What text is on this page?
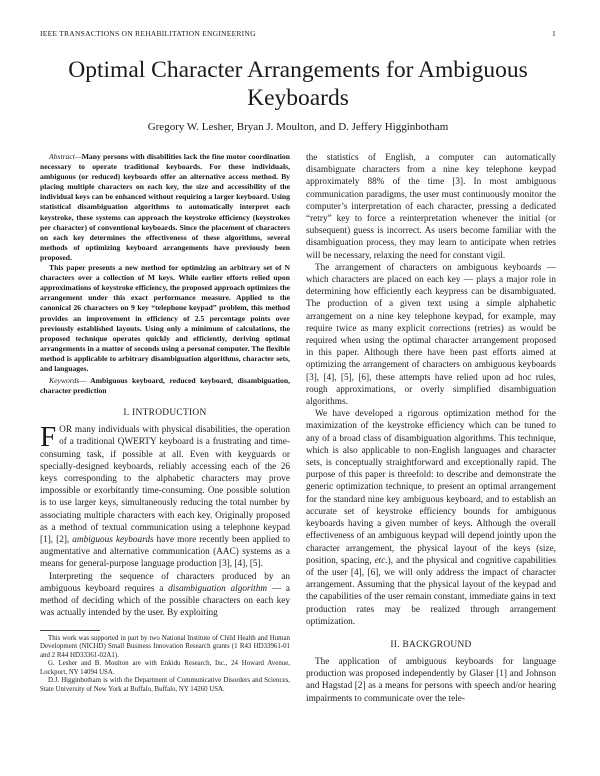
IEEE TRANSACTIONS ON REHABILITATION ENGINEERING	1
Optimal Character Arrangements for Ambiguous Keyboards
Gregory W. Lesher, Bryan J. Moulton, and D. Jeffery Higginbotham

Abstract—Many persons with disabilities lack the fine motor coordination necessary to operate traditional keyboards. For these individuals, ambiguous (or reduced) keyboards offer an alternative access method. By placing multiple characters on each key, the size and accessibility of the individual keys can be enhanced without requiring a larger keyboard. Using statistical disambiguation algorithms to automatically interpret each keystroke, these systems can approach the keystroke efficiency (keystrokes per character) of conventional keyboards. Since the placement of characters on each key determines the effectiveness of these algorithms, several methods of optimizing keyboard arrangements have previously been proposed.

This paper presents a new method for optimizing an arbitrary set of N characters over a collection of M keys. While earlier efforts relied upon approximations of keystroke efficiency, the proposed approach optimizes the arrangement under this exact performance measure. Applied to the canonical 26 characters on 9 key “telephone keypad” problem, this method provides an improvement in efficiency of 2.5 percentage points over previously established layouts. Using only a minimum of calculations, the proposed technique operates quickly and efficiently, deriving optimal arrangements in a matter of seconds using a personal computer. The flexible method is applicable to arbitrary disambiguation algorithms, character sets, and languages.

Keywords— Ambiguous keyboard, reduced keyboard, disambiguation, character prediction

I. INTRODUCTION

FOR many individuals with physical disabilities, the operation of a traditional QWERTY keyboard is a frustrating and time-consuming task, if possible at all. Even with keyguards or specially-designed keyboards, reliably accessing each of the 26 keys corresponding to the alphabetic characters may prove impossible or exorbitantly time-consuming. One possible solution is to use larger keys, simultaneously reducing the total number by associating multiple characters with each key. Originally proposed as a method of textual communication using a telephone keypad [1], [2], ambiguous keyboards have more recently been applied to augmentative and alternative communication (AAC) systems as a means for general-purpose language production [3], [4], [5].

Interpreting the sequence of characters produced by an ambiguous keyboard requires a disambiguation algorithm — a method of deciding which of the possible characters on each key was actually intended by the user. By exploiting

This work was supported in part by two National Institute of Child Health and Human Development (NICHD) Small Business Innovation Research grants (1 R43 HD33961-01 and 2 R44 HD33361-02A1).

G. Lesher and B. Moulton are with Enkidu Research, Inc., 24 Howard Avenue, Lockport, NY 14094 USA.

D.J. Higginbotham is with the Department of Communicative Disorders and Sciences, State University of New York at Buffalo, Buffalo, NY 14260 USA.

the statistics of English, a computer can automatically disambiguate characters from a nine key telephone keypad approximately 88% of the time [3]. In most ambiguous communication paradigms, the user must continuously monitor the computer’s interpretation of each character, pressing a dedicated “retry” key to force a reinterpretation whenever the initial (or subsequent) guess is incorrect. As users become familiar with the disambiguation process, they may learn to anticipate when retries will be necessary, relaxing the need for constant vigil.

The arrangement of characters on ambiguous keyboards — which characters are placed on each key — plays a major role in determining how efficiently each keypress can be disambiguated. The production of a given text using a simple alphabetic arrangement on a nine key telephone keypad, for example, may require twice as many explicit corrections (retries) as would be required when using the optimal character arrangement proposed in this paper. Although there have been past efforts aimed at optimizing the arrangement of characters on ambiguous keyboards [3], [4], [5], [6], these attempts have relied upon ad hoc rules, rough approximations, or overly simplified disambiguation algorithms.

We have developed a rigorous optimization method for the maximization of the keystroke efficiency which can be tuned to any of a broad class of disambiguation algorithms. This technique, which is also applicable to non-English languages and character sets, is conceptually straightforward and exceptionally rapid. The purpose of this paper is threefold: to describe and demonstrate the generic optimization technique, to present an optimal arrangement for the standard nine key ambiguous keyboard, and to establish an accurate set of keystroke efficiency bounds for ambiguous keyboards having a given number of keys. Although the overall effectiveness of an ambiguous keypad will depend jointly upon the character arrangement, the physical layout of the keys (size, position, spacing, etc.), and the physical and cognitive capabilities of the user [4], [6], we will only address the impact of character arrangement. Assuming that the physical layout of the keypad and the capabilities of the user remain constant, immediate gains in text production rates may be realized through arrangement optimization.

II. BACKGROUND

The application of ambiguous keyboards for language production was proposed independently by Glaser [1] and Johnson and Hagstad [2] as a means for persons with speech and/or hearing impairments to communicate over the tele-
